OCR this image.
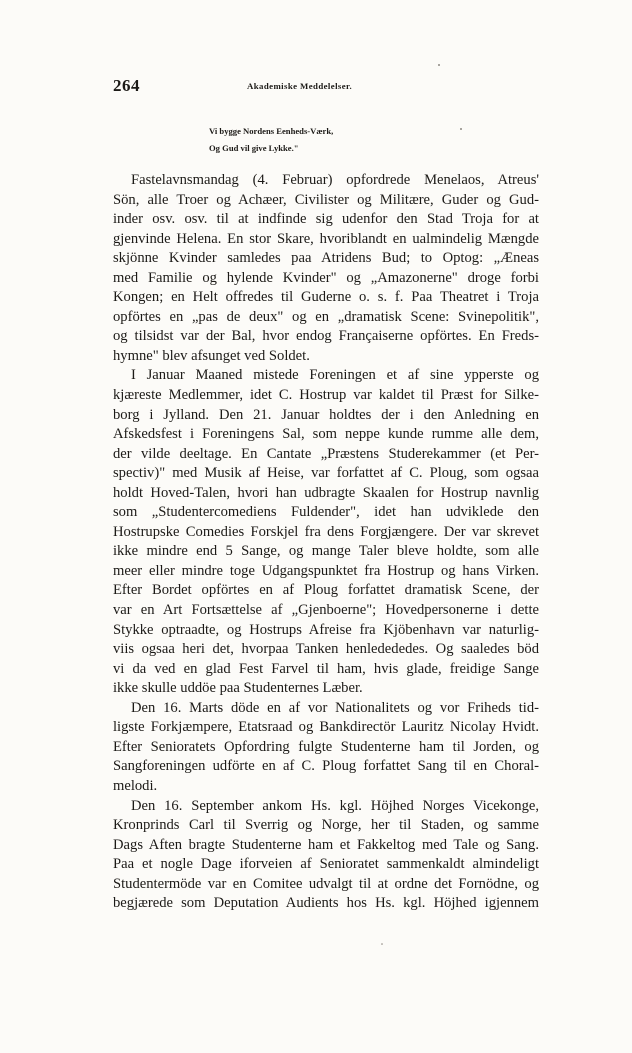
264	Akademiske Meddelelser.
Vi bygge Nordens Eenheds-Værk,
Og Gud vil give Lykke."
Fastelavnsmandag (4. Februar) opfordrede Menelaos, Atreus'
Sön, alle Troer og Achæer, Civilister og Militære, Guder og Gud-
inder osv. osv. til at indfinde sig udenfor den Stad Troja for at
gjenvinde Helena. En stor Skare, hvoriblandt en ualmindelig Mængde
skjönne Kvinder samledes paa Atridens Bud; to Optog: „Æneas
med Familie og hylende Kvinder" og „Amazonerne" droge forbi
Kongen; en Helt offredes til Guderne o. s. f. Paa Theatret i Troja
opförtes en „pas de deux" og en „dramatisk Scene: Svinepolitik",
og tilsidst var der Bal, hvor endog Françaiserne opförtes. En Freds-
hymne" blev afsunget ved Soldet.
I Januar Maaned mistede Foreningen et af sine ypperste og
kjæreste Medlemmer, idet C. Hostrup var kaldet til Præst for Silke-
borg i Jylland. Den 21. Januar holdtes der i den Anledning en
Afskedsfest i Foreningens Sal, som neppe kunde rumme alle dem,
der vilde deeltage. En Cantate „Præstens Studerekammer (et Per-
spectiv)" med Musik af Heise, var forfattet af C. Ploug, som ogsaa
holdt Hoved-Talen, hvori han udbragte Skaalen for Hostrup navnlig
som „Studentercomediens Fuldender", idet han udviklede den
Hostrupske Comedies Forskjel fra dens Forgjængere. Der var skrevet
ikke mindre end 5 Sange, og mange Taler bleve holdte, som alle
meer eller mindre toge Udgangspunktet fra Hostrup og hans Virken.
Efter Bordet opförtes en af Ploug forfattet dramatisk Scene, der
var en Art Fortsættelse af „Gjenboerne"; Hovedpersonerne i dette
Stykke optraadte, og Hostrups Afreise fra Kjöbenhavn var naturlig-
viis ogsaa heri det, hvorpaa Tanken henledededes. Og saaledes böd
vi da ved en glad Fest Farvel til ham, hvis glade, freidige Sange
ikke skulle uddöe paa Studenternes Læber.
Den 16. Marts döde en af vor Nationalitets og vor Friheds tid-
ligste Forkjæmpere, Etatsraad og Bankdirectör Lauritz Nicolay Hvidt.
Efter Senioratets Opfordring fulgte Studenterne ham til Jorden, og
Sangforeningen udförte en af C. Ploug forfattet Sang til en Choral-
melodi.
Den 16. September ankom Hs. kgl. Höjhed Norges Vicekonge,
Kronprinds Carl til Sverrig og Norge, her til Staden, og samme
Dags Aften bragte Studenterne ham et Fakkeltog med Tale og Sang.
Paa et nogle Dage iforveien af Senioratet sammenkaldt almindeligt
Studentermöde var en Comitee udvalgt til at ordne det Fornödne, og
begjærede som Deputation Audients hos Hs. kgl. Höjhed igjennem
